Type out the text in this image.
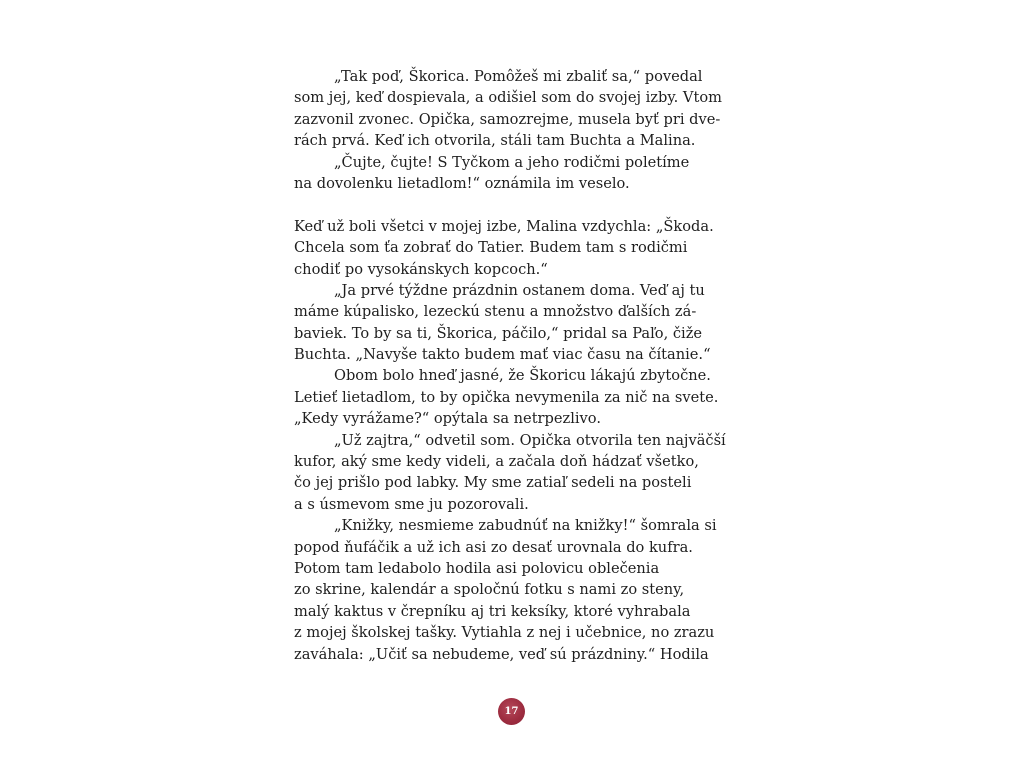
„Tak poď, Škorica. Pomôžeš mi zbaliť sa,“ povedal
som jej, keď dospievala, a odišiel som do svojej izby. Vtom
zazvonil zvonec. Opička, samozrejme, musela byť pri dve-
rách prvá. Keď ich otvorila, stáli tam Buchta a Malina.
„Čujte, čujte! S Tyčkom a jeho rodičmi poletíme
na dovolenku lietadlom!“ oznámila im veselo.
Keď už boli všetci v mojej izbe, Malina vzdychla: „Škoda.
Chcela som ťa zobrať do Tatier. Budem tam s rodičmi
chodiť po vysokánskych kopcoch.“
„Ja prvé týždne prázdnin ostanem doma. Veď aj tu
máme kúpalisko, lezeckú stenu a množstvo ďalších zá-
baviek. To by sa ti, Škorica, páčilo,“ pridal sa Paľo, čiže
Buchta. „Navyše takto budem mať viac času na čítanie.“
Obom bolo hneď jasné, že Škoricu lákajú zbytočne.
Letieť lietadlom, to by opička nevymenila za nič na svete.
„Kedy vyrážame?“ opýtala sa netrpezlivo.
„Už zajtra,“ odvetil som. Opička otvorila ten najväčší
kufor, aký sme kedy videli, a začala doň hádzať všetko,
čo jej prišlo pod labky. My sme zatiaľ sedeli na posteli
a s úsmevom sme ju pozorovali.
„Knižky, nesmieme zabudnúť na knižky!“ šomrala si
popod ňufáčik a už ich asi zo desať urovnala do kufra.
Potom tam ledabolo hodila asi polovicu oblečenia
zo skrine, kalendár a spoločnú fotku s nami zo steny,
malý kaktus v črepníku aj tri keksíky, ktoré vyhrabala
z mojej školskej tašky. Vytiahla z nej i učebnice, no zrazu
zaváhala: „Učiť sa nebudeme, veď sú prázdniny.“ Hodila
17
